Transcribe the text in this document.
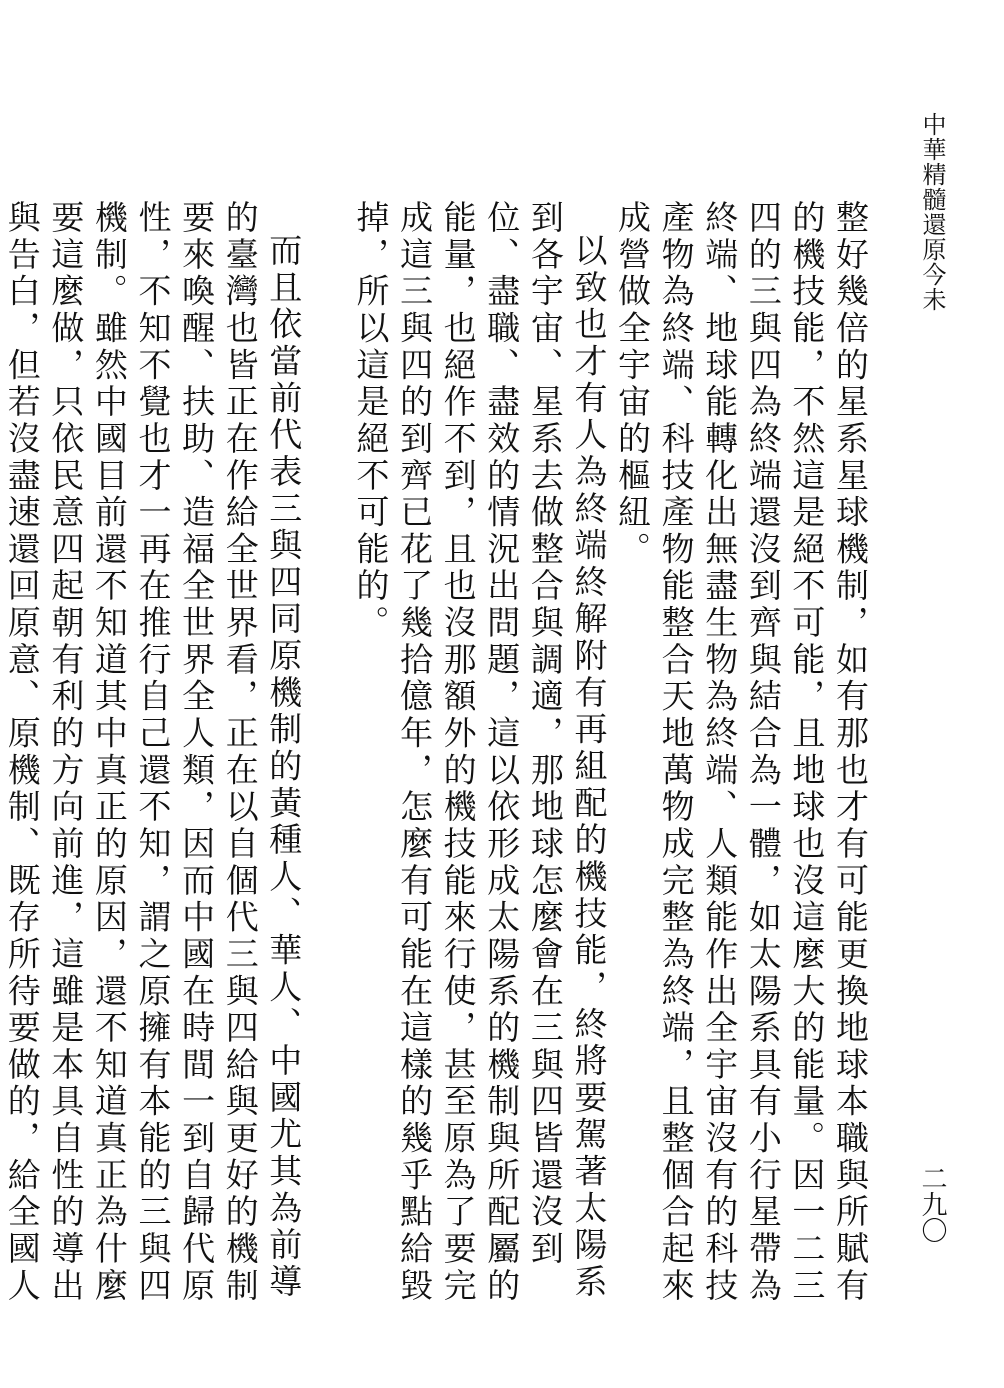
中華精髓還原今未
二九〇

整好幾倍的星系星球機制，如有那也才有可能更換地球本職與所賦有的機技能，不然這是絕不可能，且地球也沒這麼大的能量。因一二三四的三與四為終端還沒到齊與結合為一體，如太陽系具有小行星帶為終端、地球能轉化出無盡生物為終端、人類能作出全宇宙沒有的科技產物為終端、科技產物能整合天地萬物成完整為終端，且整個合起來成營做全宇宙的樞紐。

以致也才有人為終端終解附有再組配的機技能，終將要駕著太陽系到各宇宙、星系去做整合與調適，那地球怎麼會在三與四皆還沒到位、盡職、盡效的情況出問題，這以依形成太陽系的機制與所配屬的能量，也絕作不到，且也沒那額外的機技能來行使，甚至原為了要完成這三與四的到齊已花了幾拾億年，怎麼有可能在這樣的幾乎點給毀掉，所以這是絕不可能的。

而且依當前代表三與四同原機制的黃種人、華人、中國尤其為前導的臺灣也皆正在作給全世界看，正在以自個代三與四給與更好的機制要來喚醒、扶助、造福全世界全人類，因而中國在時間一到自歸代原性，不知不覺也才一再在推行自己還不知，謂之原擁有本能的三與四機制。雖然中國目前還不知道其中真正的原因，還不知道真正為什麼要這麼做，只依民意四起朝有利的方向前進，這雖是本具自性的導出與告白，但若沒盡速還回原意、原機制、既存所待要做的，給全國人
